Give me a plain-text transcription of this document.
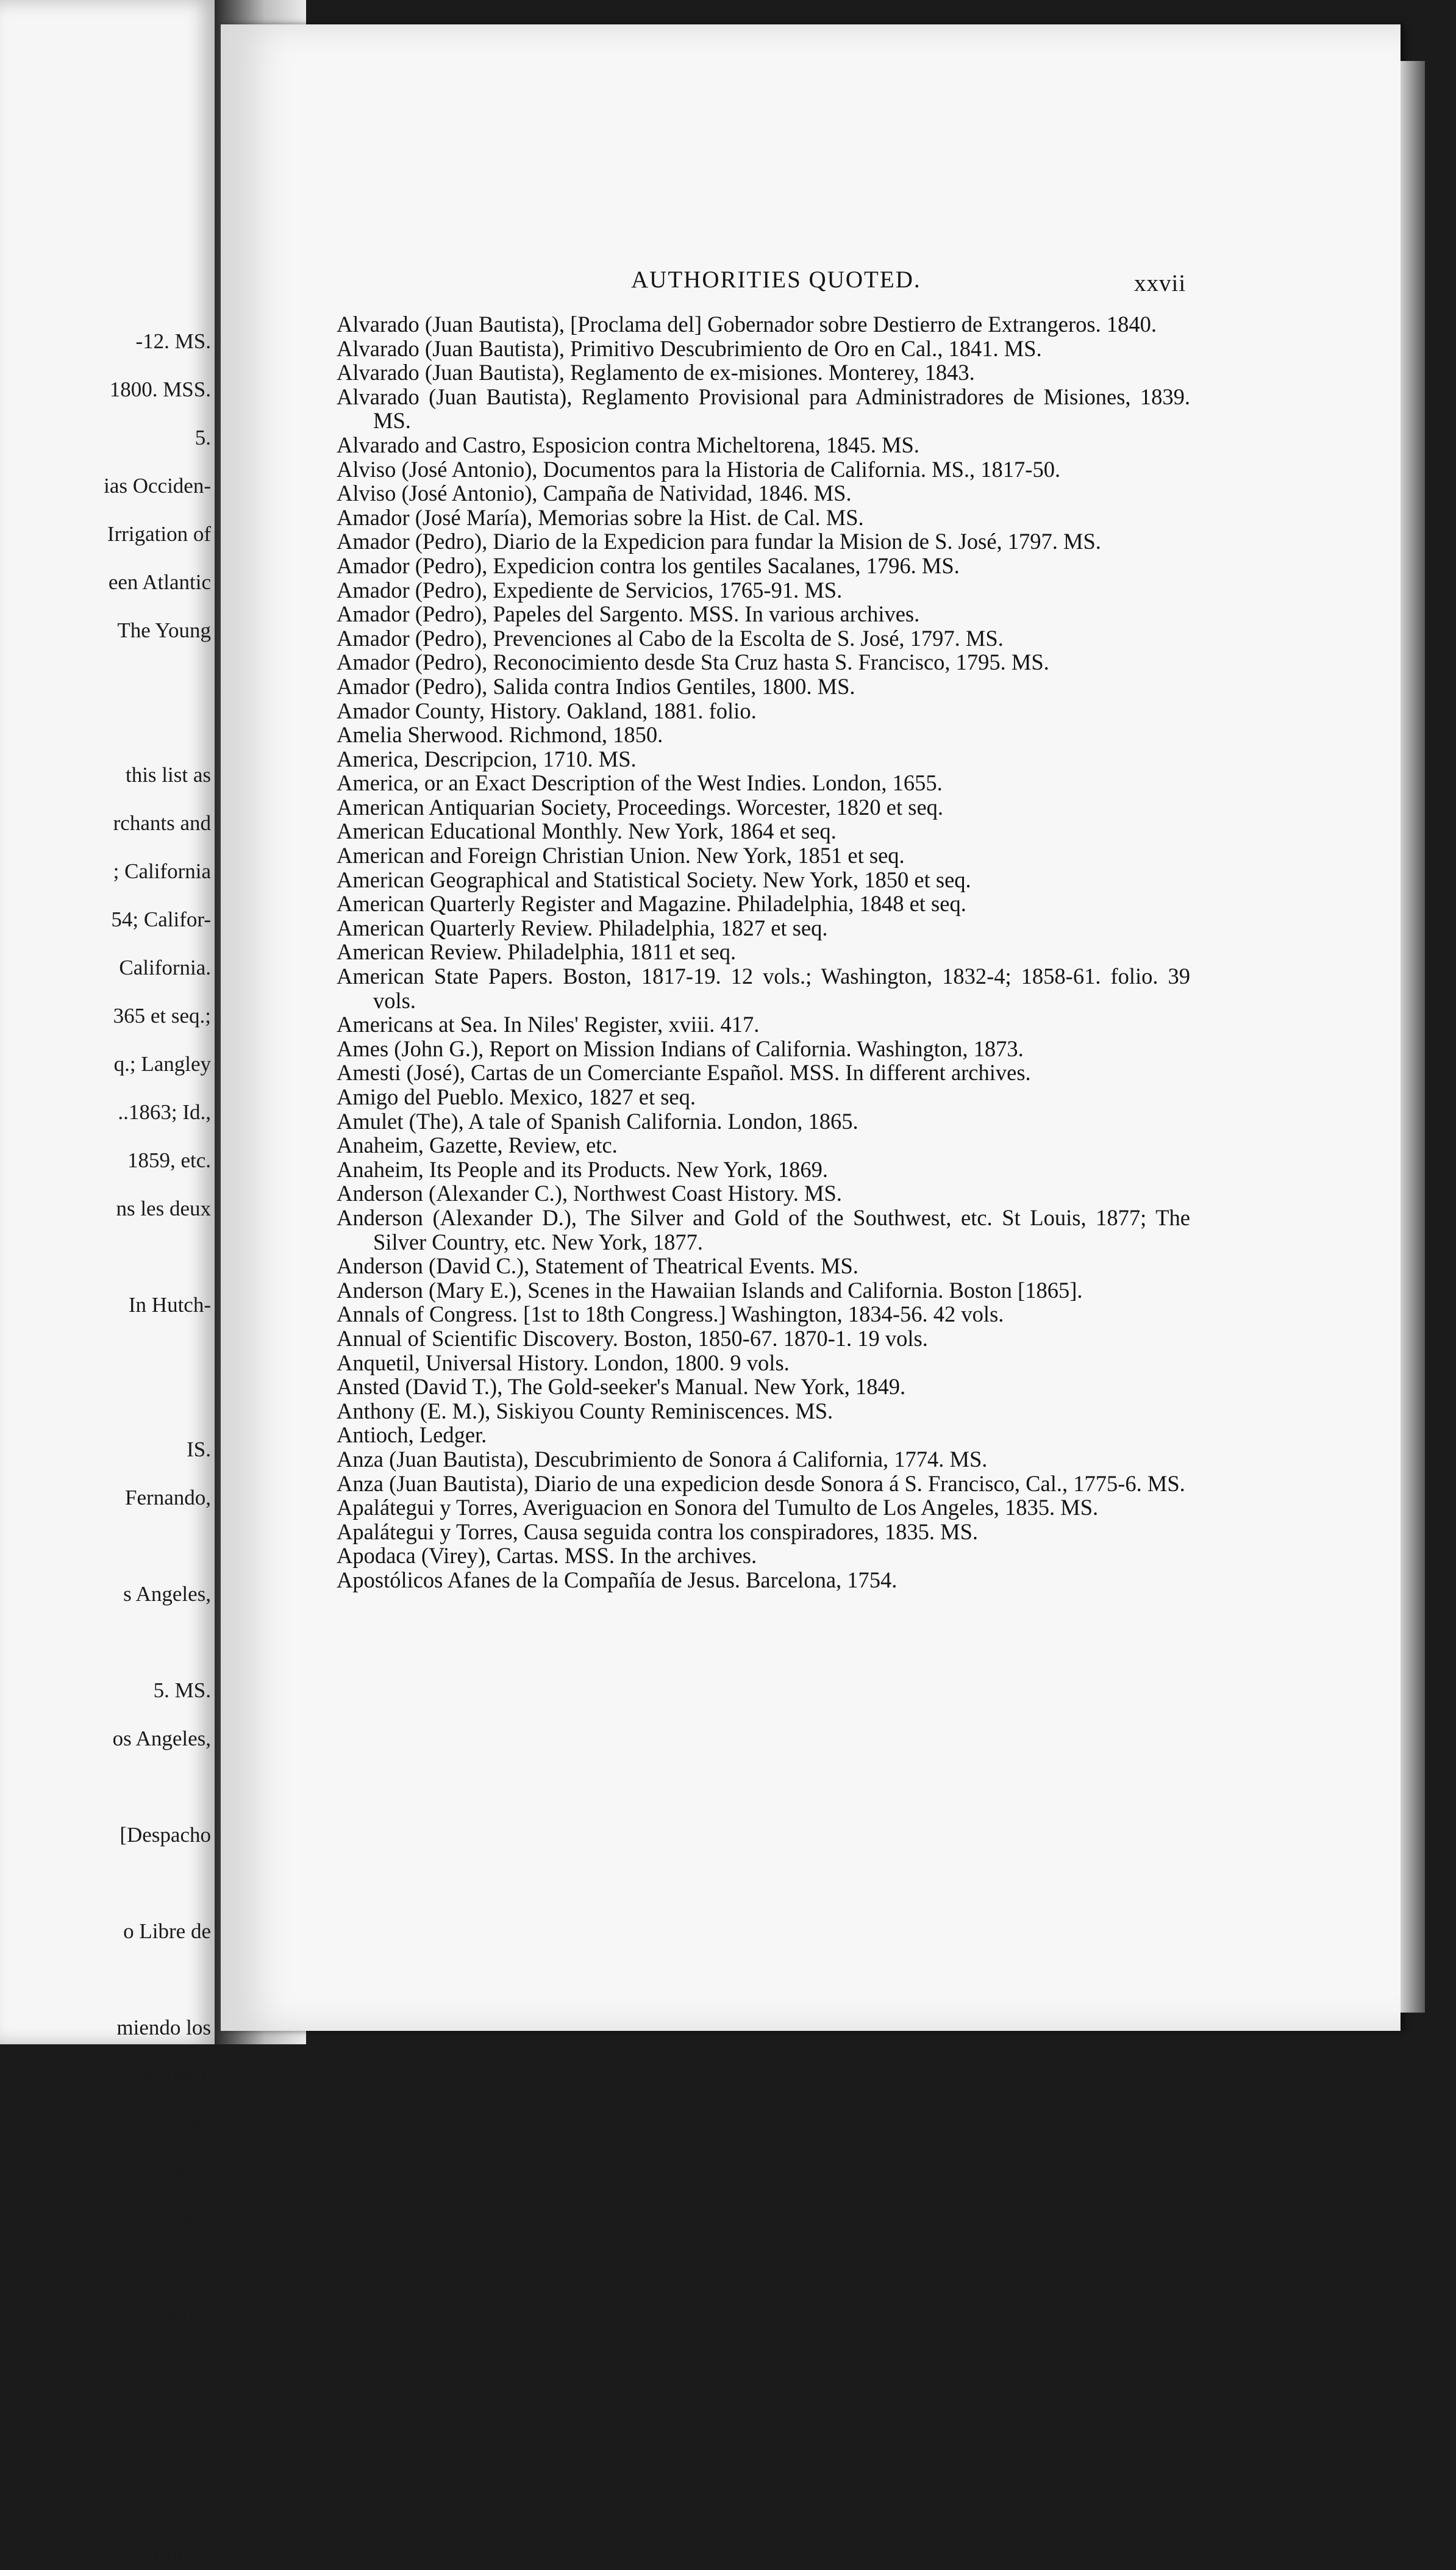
-12. MS.
1800. MSS.
5.
ias Occiden-
Irrigation of
een Atlantic
The Young
this list as
rchants and
; California
54; Califor-
California.
365 et seq.;
q.; Langley
..1863; Id.,
1859, etc.
ns les deux
In Hutch-
IS.
Fernando,
s Angeles,
5. MS.
os Angeles,
[Despacho
o Libre de
miendo los
o, 1840.
ls.
MS.
Visitador.
Visitador
SS. Very
S.
9 Julio,
AUTHORITIES QUOTED.	xxvii

Alvarado (Juan Bautista), [Proclama del] Gobernador sobre Destierro de Extrangeros. 1840.

Alvarado (Juan Bautista), Primitivo Descubrimiento de Oro en Cal., 1841. MS.

Alvarado (Juan Bautista), Reglamento de ex-misiones. Monterey, 1843.

Alvarado (Juan Bautista), Reglamento Provisional para Administradores de Misiones, 1839. MS.

Alvarado and Castro, Esposicion contra Micheltorena, 1845. MS.

Alviso (José Antonio), Documentos para la Historia de California. MS., 1817-50.

Alviso (José Antonio), Campaña de Natividad, 1846. MS.

Amador (José María), Memorias sobre la Hist. de Cal. MS.

Amador (Pedro), Diario de la Expedicion para fundar la Mision de S. José, 1797. MS.

Amador (Pedro), Expedicion contra los gentiles Sacalanes, 1796. MS.

Amador (Pedro), Expediente de Servicios, 1765-91. MS.

Amador (Pedro), Papeles del Sargento. MSS. In various archives.

Amador (Pedro), Prevenciones al Cabo de la Escolta de S. José, 1797. MS.

Amador (Pedro), Reconocimiento desde Sta Cruz hasta S. Francisco, 1795. MS.

Amador (Pedro), Salida contra Indios Gentiles, 1800. MS.

Amador County, History. Oakland, 1881. folio.

Amelia Sherwood. Richmond, 1850.

America, Descripcion, 1710. MS.

America, or an Exact Description of the West Indies. London, 1655.

American Antiquarian Society, Proceedings. Worcester, 1820 et seq.

American Educational Monthly. New York, 1864 et seq.

American and Foreign Christian Union. New York, 1851 et seq.

American Geographical and Statistical Society. New York, 1850 et seq.

American Quarterly Register and Magazine. Philadelphia, 1848 et seq.

American Quarterly Review. Philadelphia, 1827 et seq.

American Review. Philadelphia, 1811 et seq.

American State Papers. Boston, 1817-19. 12 vols.; Washington, 1832-4; 1858-61. folio. 39 vols.

Americans at Sea. In Niles' Register, xviii. 417.

Ames (John G.), Report on Mission Indians of California. Washington, 1873.

Amesti (José), Cartas de un Comerciante Español. MSS. In different archives.

Amigo del Pueblo. Mexico, 1827 et seq.

Amulet (The), A tale of Spanish California. London, 1865.

Anaheim, Gazette, Review, etc.

Anaheim, Its People and its Products. New York, 1869.

Anderson (Alexander C.), Northwest Coast History. MS.

Anderson (Alexander D.), The Silver and Gold of the Southwest, etc. St Louis, 1877; The Silver Country, etc. New York, 1877.

Anderson (David C.), Statement of Theatrical Events. MS.

Anderson (Mary E.), Scenes in the Hawaiian Islands and California. Boston [1865].

Annals of Congress. [1st to 18th Congress.] Washington, 1834-56. 42 vols.

Annual of Scientific Discovery. Boston, 1850-67. 1870-1. 19 vols.

Anquetil, Universal History. London, 1800. 9 vols.

Ansted (David T.), The Gold-seeker's Manual. New York, 1849.

Anthony (E. M.), Siskiyou County Reminiscences. MS.

Antioch, Ledger.

Anza (Juan Bautista), Descubrimiento de Sonora á California, 1774. MS.

Anza (Juan Bautista), Diario de una expedicion desde Sonora á S. Francisco, Cal., 1775-6. MS.

Apalátegui y Torres, Averiguacion en Sonora del Tumulto de Los Angeles, 1835. MS.

Apalátegui y Torres, Causa seguida contra los conspiradores, 1835. MS.

Apodaca (Virey), Cartas. MSS. In the archives.

Apostólicos Afanes de la Compañía de Jesus. Barcelona, 1754.
